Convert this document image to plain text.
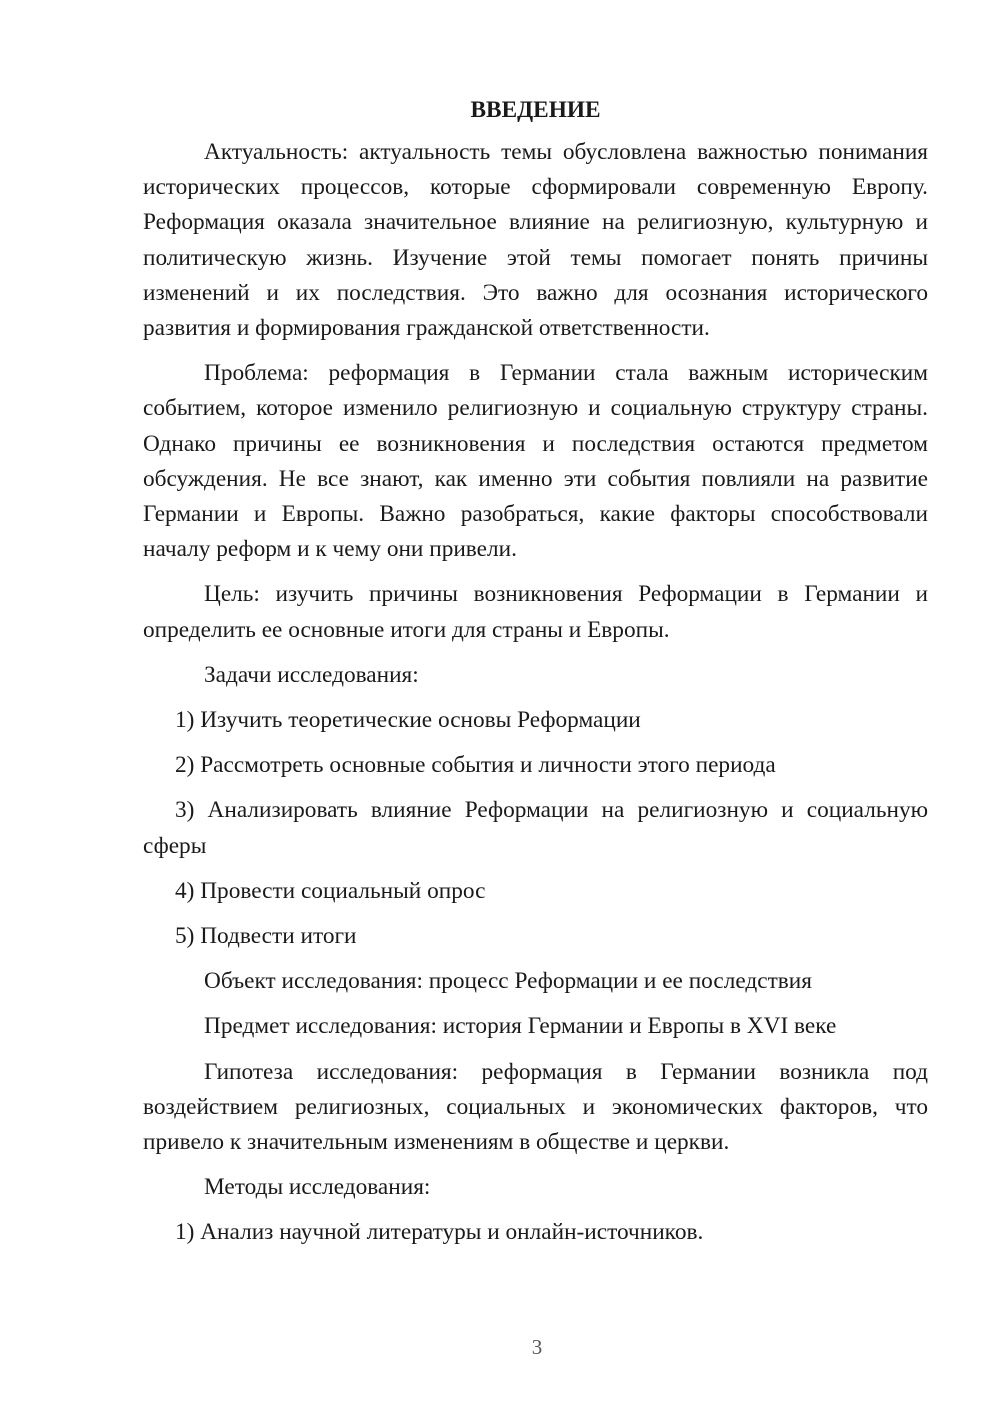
ВВЕДЕНИЕ

Актуальность: актуальность темы обусловлена важностью понимания исторических процессов, которые сформировали современную Европу. Реформация оказала значительное влияние на религиозную, культурную и политическую жизнь. Изучение этой темы помогает понять причины изменений и их последствия. Это важно для осознания исторического развития и формирования гражданской ответственности.

Проблема: реформация в Германии стала важным историческим событием, которое изменило религиозную и социальную структуру страны. Однако причины ее возникновения и последствия остаются предметом обсуждения. Не все знают, как именно эти события повлияли на развитие Германии и Европы. Важно разобраться, какие факторы способствовали началу реформ и к чему они привели.

Цель: изучить причины возникновения Реформации в Германии и определить ее основные итоги для страны и Европы.

Задачи исследования:

1) Изучить теоретические основы Реформации

2) Рассмотреть основные события и личности этого периода

3) Анализировать влияние Реформации на религиозную и социальную сферы

4) Провести социальный опрос

5) Подвести итоги

Объект исследования: процесс Реформации и ее последствия

Предмет исследования: история Германии и Европы в XVI веке

Гипотеза исследования: реформация в Германии возникла под воздействием религиозных, социальных и экономических факторов, что привело к значительным изменениям в обществе и церкви.

Методы исследования:

1) Анализ научной литературы и онлайн-источников.

3
